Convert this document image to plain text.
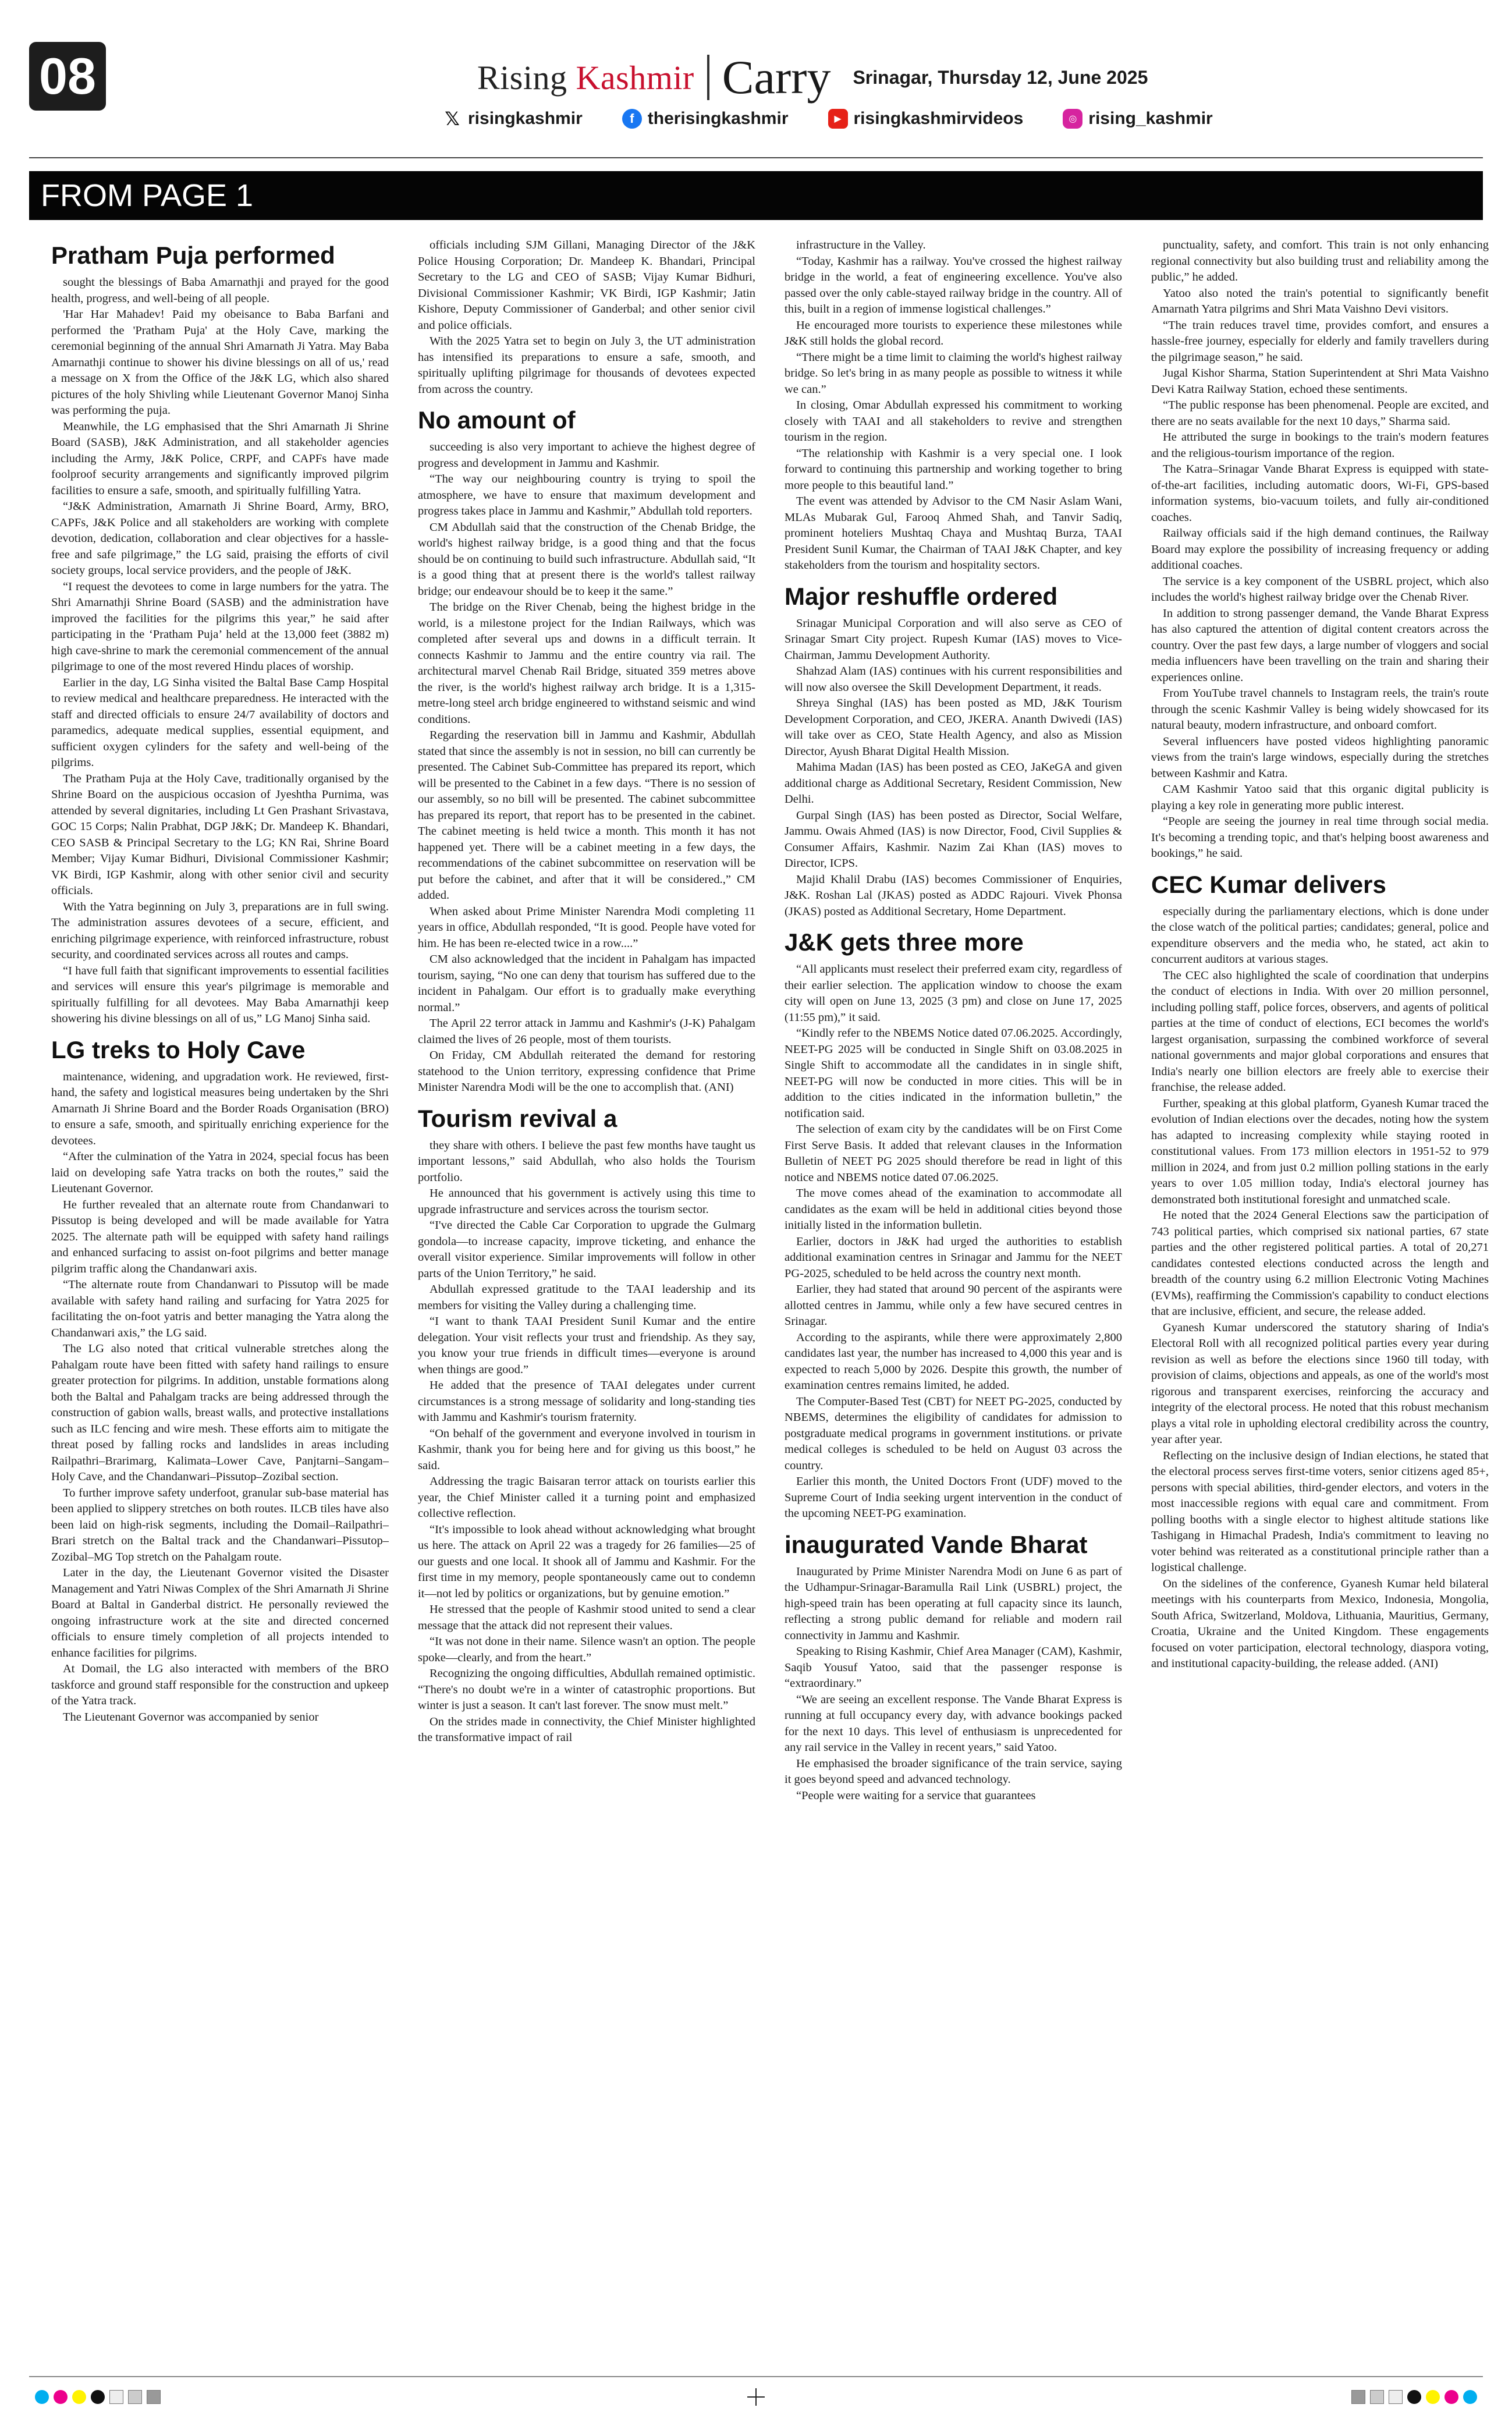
08	Rising Kashmir Carry Srinagar, Thursday 12, June 2025
𝕏 risingkashmir	f therisingkashmir	▶ risingkashmirvideos	◎ rising_kashmir
FROM PAGE 1
Pratham Puja performed

sought the blessings of Baba Amarnathji and prayed for the good health, progress, and well-being of all people.

'Har Har Mahadev! Paid my obeisance to Baba Barfani and performed the 'Pratham Puja' at the Holy Cave, marking the ceremonial beginning of the annual Shri Amarnath Ji Yatra. May Baba Amarnathji continue to shower his divine blessings on all of us,' read a message on X from the Office of the J&K LG, which also shared pictures of the holy Shivling while Lieutenant Governor Manoj Sinha was performing the puja.

Meanwhile, the LG emphasised that the Shri Amarnath Ji Shrine Board (SASB), J&K Administration, and all stakeholder agencies including the Army, J&K Police, CRPF, and CAPFs have made foolproof security arrangements and significantly improved pilgrim facilities to ensure a safe, smooth, and spiritually fulfilling Yatra.

“J&K Administration, Amarnath Ji Shrine Board, Army, BRO, CAPFs, J&K Police and all stakeholders are working with complete devotion, dedication, collaboration and clear objectives for a hassle-free and safe pilgrimage,” the LG said, praising the efforts of civil society groups, local service providers, and the people of J&K.

“I request the devotees to come in large numbers for the yatra. The Shri Amarnathji Shrine Board (SASB) and the administration have improved the facilities for the pilgrims this year,” he said after participating in the ‘Pratham Puja’ held at the 13,000 feet (3882 m) high cave-shrine to mark the ceremonial commencement of the annual pilgrimage to one of the most revered Hindu places of worship.

Earlier in the day, LG Sinha visited the Baltal Base Camp Hospital to review medical and healthcare preparedness. He interacted with the staff and directed officials to ensure 24/7 availability of doctors and paramedics, adequate medical supplies, essential equipment, and sufficient oxygen cylinders for the safety and well-being of the pilgrims.

The Pratham Puja at the Holy Cave, traditionally organised by the Shrine Board on the auspicious occasion of Jyeshtha Purnima, was attended by several dignitaries, including Lt Gen Prashant Srivastava, GOC 15 Corps; Nalin Prabhat, DGP J&K; Dr. Mandeep K. Bhandari, CEO SASB & Principal Secretary to the LG; KN Rai, Shrine Board Member; Vijay Kumar Bidhuri, Divisional Commissioner Kashmir; VK Birdi, IGP Kashmir, along with other senior civil and security officials.

With the Yatra beginning on July 3, preparations are in full swing. The administration assures devotees of a secure, efficient, and enriching pilgrimage experience, with reinforced infrastructure, robust security, and coordinated services across all routes and camps.

“I have full faith that significant improvements to essential facilities and services will ensure this year's pilgrimage is memorable and spiritually fulfilling for all devotees. May Baba Amarnathji keep showering his divine blessings on all of us,” LG Manoj Sinha said.

LG treks to Holy Cave

maintenance, widening, and upgradation work. He reviewed, first-hand, the safety and logistical measures being undertaken by the Shri Amarnath Ji Shrine Board and the Border Roads Organisation (BRO) to ensure a safe, smooth, and spiritually enriching experience for the devotees.

“After the culmination of the Yatra in 2024, special focus has been laid on developing safe Yatra tracks on both the routes,” said the Lieutenant Governor.

He further revealed that an alternate route from Chandanwari to Pissutop is being developed and will be made available for Yatra 2025. The alternate path will be equipped with safety hand railings and enhanced surfacing to assist on-foot pilgrims and better manage pilgrim traffic along the Chandanwari axis.

“The alternate route from Chandanwari to Pissutop will be made available with safety hand railing and surfacing for Yatra 2025 for facilitating the on-foot yatris and better managing the Yatra along the Chandanwari axis,” the LG said.

The LG also noted that critical vulnerable stretches along the Pahalgam route have been fitted with safety hand railings to ensure greater protection for pilgrims. In addition, unstable formations along both the Baltal and Pahalgam tracks are being addressed through the construction of gabion walls, breast walls, and protective installations such as ILC fencing and wire mesh. These efforts aim to mitigate the threat posed by falling rocks and landslides in areas including Railpathri–Brarimarg, Kalimata–Lower Cave, Panjtarni–Sangam–Holy Cave, and the Chandanwari–Pissutop–Zozibal section.

To further improve safety underfoot, granular sub-base material has been applied to slippery stretches on both routes. ILCB tiles have also been laid on high-risk segments, including the Domail–Railpathri–Brari stretch on the Baltal track and the Chandanwari–Pissutop–Zozibal–MG Top stretch on the Pahalgam route.

Later in the day, the Lieutenant Governor visited the Disaster Management and Yatri Niwas Complex of the Shri Amarnath Ji Shrine Board at Baltal in Ganderbal district. He personally reviewed the ongoing infrastructure work at the site and directed concerned officials to ensure timely completion of all projects intended to enhance facilities for pilgrims.

At Domail, the LG also interacted with members of the BRO taskforce and ground staff responsible for the construction and upkeep of the Yatra track.

The Lieutenant Governor was accompanied by senior

officials including SJM Gillani, Managing Director of the J&K Police Housing Corporation; Dr. Mandeep K. Bhandari, Principal Secretary to the LG and CEO of SASB; Vijay Kumar Bidhuri, Divisional Commissioner Kashmir; VK Birdi, IGP Kashmir; Jatin Kishore, Deputy Commissioner of Ganderbal; and other senior civil and police officials.

With the 2025 Yatra set to begin on July 3, the UT administration has intensified its preparations to ensure a safe, smooth, and spiritually uplifting pilgrimage for thousands of devotees expected from across the country.

No amount of

succeeding is also very important to achieve the highest degree of progress and development in Jammu and Kashmir.

“The way our neighbouring country is trying to spoil the atmosphere, we have to ensure that maximum development and progress takes place in Jammu and Kashmir,” Abdullah told reporters.

CM Abdullah said that the construction of the Chenab Bridge, the world's highest railway bridge, is a good thing and that the focus should be on continuing to build such infrastructure. Abdullah said, “It is a good thing that at present there is the world's tallest railway bridge; our endeavour should be to keep it the same.”

The bridge on the River Chenab, being the highest bridge in the world, is a milestone project for the Indian Railways, which was completed after several ups and downs in a difficult terrain. It connects Kashmir to Jammu and the entire country via rail. The architectural marvel Chenab Rail Bridge, situated 359 metres above the river, is the world's highest railway arch bridge. It is a 1,315-metre-long steel arch bridge engineered to withstand seismic and wind conditions.

Regarding the reservation bill in Jammu and Kashmir, Abdullah stated that since the assembly is not in session, no bill can currently be presented. The Cabinet Sub-Committee has prepared its report, which will be presented to the Cabinet in a few days. “There is no session of our assembly, so no bill will be presented. The cabinet subcommittee has prepared its report, that report has to be presented in the cabinet. The cabinet meeting is held twice a month. This month it has not happened yet. There will be a cabinet meeting in a few days, the recommendations of the cabinet subcommittee on reservation will be put before the cabinet, and after that it will be considered.,” CM added.

When asked about Prime Minister Narendra Modi completing 11 years in office, Abdullah responded, “It is good. People have voted for him. He has been re-elected twice in a row....”

CM also acknowledged that the incident in Pahalgam has impacted tourism, saying, “No one can deny that tourism has suffered due to the incident in Pahalgam. Our effort is to gradually make everything normal.”

The April 22 terror attack in Jammu and Kashmir's (J-K) Pahalgam claimed the lives of 26 people, most of them tourists.

On Friday, CM Abdullah reiterated the demand for restoring statehood to the Union territory, expressing confidence that Prime Minister Narendra Modi will be the one to accomplish that. (ANI)

Tourism revival a

they share with others. I believe the past few months have taught us important lessons,” said Abdullah, who also holds the Tourism portfolio.

He announced that his government is actively using this time to upgrade infrastructure and services across the tourism sector.

“I've directed the Cable Car Corporation to upgrade the Gulmarg gondola—to increase capacity, improve ticketing, and enhance the overall visitor experience. Similar improvements will follow in other parts of the Union Territory,” he said.

Abdullah expressed gratitude to the TAAI leadership and its members for visiting the Valley during a challenging time.

“I want to thank TAAI President Sunil Kumar and the entire delegation. Your visit reflects your trust and friendship. As they say, you know your true friends in difficult times—everyone is around when things are good.”

He added that the presence of TAAI delegates under current circumstances is a strong message of solidarity and long-standing ties with Jammu and Kashmir's tourism fraternity.

“On behalf of the government and everyone involved in tourism in Kashmir, thank you for being here and for giving us this boost,” he said.

Addressing the tragic Baisaran terror attack on tourists earlier this year, the Chief Minister called it a turning point and emphasized collective reflection.

“It's impossible to look ahead without acknowledging what brought us here. The attack on April 22 was a tragedy for 26 families—25 of our guests and one local. It shook all of Jammu and Kashmir. For the first time in my memory, people spontaneously came out to condemn it—not led by politics or organizations, but by genuine emotion.”

He stressed that the people of Kashmir stood united to send a clear message that the attack did not represent their values.

“It was not done in their name. Silence wasn't an option. The people spoke—clearly, and from the heart.”

Recognizing the ongoing difficulties, Abdullah remained optimistic. “There's no doubt we're in a winter of catastrophic proportions. But winter is just a season. It can't last forever. The snow must melt.”

On the strides made in connectivity, the Chief Minister highlighted the transformative impact of rail

infrastructure in the Valley.

“Today, Kashmir has a railway. You've crossed the highest railway bridge in the world, a feat of engineering excellence. You've also passed over the only cable-stayed railway bridge in the country. All of this, built in a region of immense logistical challenges.”

He encouraged more tourists to experience these milestones while J&K still holds the global record.

“There might be a time limit to claiming the world's highest railway bridge. So let's bring in as many people as possible to witness it while we can.”

In closing, Omar Abdullah expressed his commitment to working closely with TAAI and all stakeholders to revive and strengthen tourism in the region.

“The relationship with Kashmir is a very special one. I look forward to continuing this partnership and working together to bring more people to this beautiful land.”

The event was attended by Advisor to the CM Nasir Aslam Wani, MLAs Mubarak Gul, Farooq Ahmed Shah, and Tanvir Sadiq, prominent hoteliers Mushtaq Chaya and Mushtaq Burza, TAAI President Sunil Kumar, the Chairman of TAAI J&K Chapter, and key stakeholders from the tourism and hospitality sectors.

Major reshuffle ordered

Srinagar Municipal Corporation and will also serve as CEO of Srinagar Smart City project. Rupesh Kumar (IAS) moves to Vice-Chairman, Jammu Development Authority.

Shahzad Alam (IAS) continues with his current responsibilities and will now also oversee the Skill Development Department, it reads.

Shreya Singhal (IAS) has been posted as MD, J&K Tourism Development Corporation, and CEO, JKERA. Ananth Dwivedi (IAS) will take over as CEO, State Health Agency, and also as Mission Director, Ayush Bharat Digital Health Mission.

Mahima Madan (IAS) has been posted as CEO, JaKeGA and given additional charge as Additional Secretary, Resident Commission, New Delhi.

Gurpal Singh (IAS) has been posted as Director, Social Welfare, Jammu. Owais Ahmed (IAS) is now Director, Food, Civil Supplies & Consumer Affairs, Kashmir. Nazim Zai Khan (IAS) moves to Director, ICPS.

Majid Khalil Drabu (IAS) becomes Commissioner of Enquiries, J&K. Roshan Lal (JKAS) posted as ADDC Rajouri. Vivek Phonsa (JKAS) posted as Additional Secretary, Home Department.

J&K gets three more

“All applicants must reselect their preferred exam city, regardless of their earlier selection. The application window to choose the exam city will open on June 13, 2025 (3 pm) and close on June 17, 2025 (11:55 pm),” it said.

“Kindly refer to the NBEMS Notice dated 07.06.2025. Accordingly, NEET-PG 2025 will be conducted in Single Shift on 03.08.2025 in Single Shift to accommodate all the candidates in in single shift, NEET-PG will now be conducted in more cities. This will be in addition to the cities indicated in the information bulletin,” the notification said.

The selection of exam city by the candidates will be on First Come First Serve Basis. It added that relevant clauses in the Information Bulletin of NEET PG 2025 should therefore be read in light of this notice and NBEMS notice dated 07.06.2025.

The move comes ahead of the examination to accommodate all candidates as the exam will be held in additional cities beyond those initially listed in the information bulletin.

Earlier, doctors in J&K had urged the authorities to establish additional examination centres in Srinagar and Jammu for the NEET PG-2025, scheduled to be held across the country next month.

Earlier, they had stated that around 90 percent of the aspirants were allotted centres in Jammu, while only a few have secured centres in Srinagar.

According to the aspirants, while there were approximately 2,800 candidates last year, the number has increased to 4,000 this year and is expected to reach 5,000 by 2026. Despite this growth, the number of examination centres remains limited, he added.

The Computer-Based Test (CBT) for NEET PG-2025, conducted by NBEMS, determines the eligibility of candidates for admission to postgraduate medical programs in government institutions. or private medical colleges is scheduled to be held on August 03 across the country.

Earlier this month, the United Doctors Front (UDF) moved to the Supreme Court of India seeking urgent intervention in the conduct of the upcoming NEET-PG examination.

inaugurated Vande Bharat

Inaugurated by Prime Minister Narendra Modi on June 6 as part of the Udhampur-Srinagar-Baramulla Rail Link (USBRL) project, the high-speed train has been operating at full capacity since its launch, reflecting a strong public demand for reliable and modern rail connectivity in Jammu and Kashmir.

Speaking to Rising Kashmir, Chief Area Manager (CAM), Kashmir, Saqib Yousuf Yatoo, said that the passenger response is “extraordinary.”

“We are seeing an excellent response. The Vande Bharat Express is running at full occupancy every day, with advance bookings packed for the next 10 days. This level of enthusiasm is unprecedented for any rail service in the Valley in recent years,” said Yatoo.

He emphasised the broader significance of the train service, saying it goes beyond speed and advanced technology.

“People were waiting for a service that guarantees

punctuality, safety, and comfort. This train is not only enhancing regional connectivity but also building trust and reliability among the public,” he added.

Yatoo also noted the train's potential to significantly benefit Amarnath Yatra pilgrims and Shri Mata Vaishno Devi visitors.

“The train reduces travel time, provides comfort, and ensures a hassle-free journey, especially for elderly and family travellers during the pilgrimage season,” he said.

Jugal Kishor Sharma, Station Superintendent at Shri Mata Vaishno Devi Katra Railway Station, echoed these sentiments.

“The public response has been phenomenal. People are excited, and there are no seats available for the next 10 days,” Sharma said.

He attributed the surge in bookings to the train's modern features and the religious-tourism importance of the region.

The Katra–Srinagar Vande Bharat Express is equipped with state-of-the-art facilities, including automatic doors, Wi-Fi, GPS-based information systems, bio-vacuum toilets, and fully air-conditioned coaches.

Railway officials said if the high demand continues, the Railway Board may explore the possibility of increasing frequency or adding additional coaches.

The service is a key component of the USBRL project, which also includes the world's highest railway bridge over the Chenab River.

In addition to strong passenger demand, the Vande Bharat Express has also captured the attention of digital content creators across the country. Over the past few days, a large number of vloggers and social media influencers have been travelling on the train and sharing their experiences online.

From YouTube travel channels to Instagram reels, the train's route through the scenic Kashmir Valley is being widely showcased for its natural beauty, modern infrastructure, and onboard comfort.

Several influencers have posted videos highlighting panoramic views from the train's large windows, especially during the stretches between Kashmir and Katra.

CAM Kashmir Yatoo said that this organic digital publicity is playing a key role in generating more public interest.

“People are seeing the journey in real time through social media. It's becoming a trending topic, and that's helping boost awareness and bookings,” he said.

CEC Kumar delivers

especially during the parliamentary elections, which is done under the close watch of the political parties; candidates; general, police and expenditure observers and the media who, he stated, act akin to concurrent auditors at various stages.

The CEC also highlighted the scale of coordination that underpins the conduct of elections in India. With over 20 million personnel, including polling staff, police forces, observers, and agents of political parties at the time of conduct of elections, ECI becomes the world's largest organisation, surpassing the combined workforce of several national governments and major global corporations and ensures that India's nearly one billion electors are freely able to exercise their franchise, the release added.

Further, speaking at this global platform, Gyanesh Kumar traced the evolution of Indian elections over the decades, noting how the system has adapted to increasing complexity while staying rooted in constitutional values. From 173 million electors in 1951-52 to 979 million in 2024, and from just 0.2 million polling stations in the early years to over 1.05 million today, India's electoral journey has demonstrated both institutional foresight and unmatched scale.

He noted that the 2024 General Elections saw the participation of 743 political parties, which comprised six national parties, 67 state parties and the other registered political parties. A total of 20,271 candidates contested elections conducted across the length and breadth of the country using 6.2 million Electronic Voting Machines (EVMs), reaffirming the Commission's capability to conduct elections that are inclusive, efficient, and secure, the release added.

Gyanesh Kumar underscored the statutory sharing of India's Electoral Roll with all recognized political parties every year during revision as well as before the elections since 1960 till today, with provision of claims, objections and appeals, as one of the world's most rigorous and transparent exercises, reinforcing the accuracy and integrity of the electoral process. He noted that this robust mechanism plays a vital role in upholding electoral credibility across the country, year after year.

Reflecting on the inclusive design of Indian elections, he stated that the electoral process serves first-time voters, senior citizens aged 85+, persons with special abilities, third-gender electors, and voters in the most inaccessible regions with equal care and commitment. From polling booths with a single elector to highest altitude stations like Tashigang in Himachal Pradesh, India's commitment to leaving no voter behind was reiterated as a constitutional principle rather than a logistical challenge.

On the sidelines of the conference, Gyanesh Kumar held bilateral meetings with his counterparts from Mexico, Indonesia, Mongolia, South Africa, Switzerland, Moldova, Lithuania, Mauritius, Germany, Croatia, Ukraine and the United Kingdom. These engagements focused on voter participation, electoral technology, diaspora voting, and institutional capacity-building, the release added. (ANI)
